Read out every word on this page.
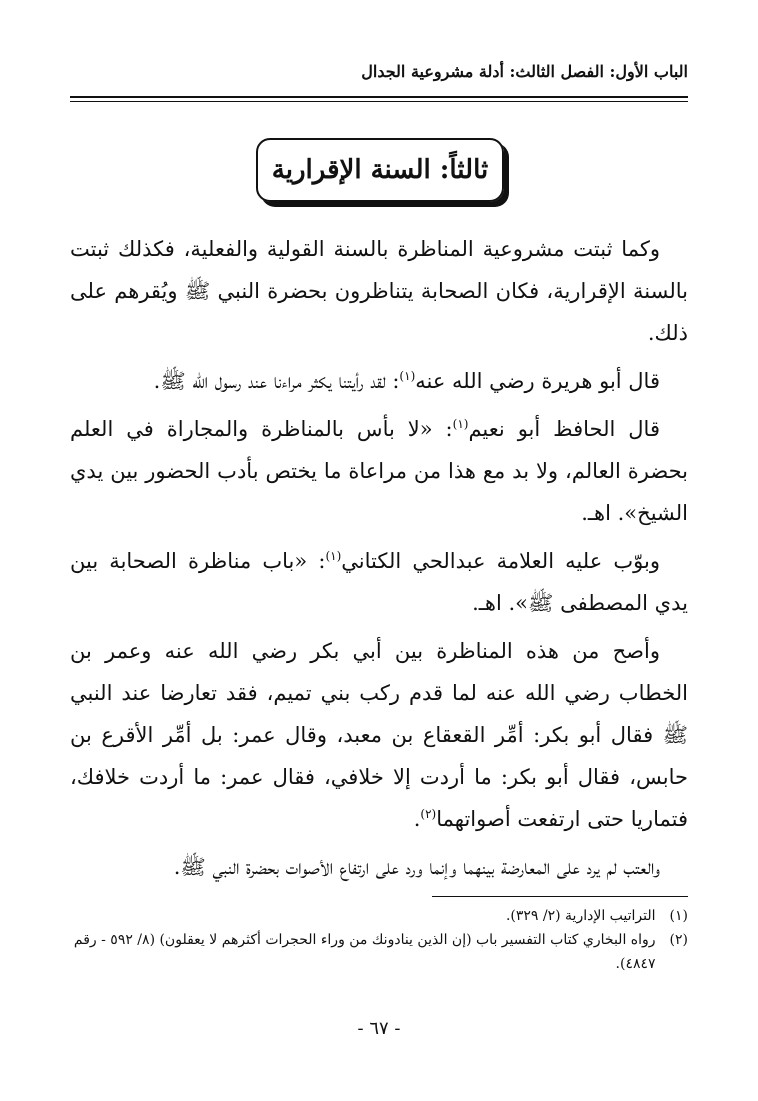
الباب الأول: الفصل الثالث: أدلة مشروعية الجدال
ثالثاً: السنة الإقرارية

وكما ثبتت مشروعية المناظرة بالسنة القولية والفعلية، فكذلك ثبتت بالسنة الإقرارية، فكان الصحابة يتناظرون بحضرة النبي ﷺ ويُقرهم على ذلك.

قال أبو هريرة رضي الله عنه$^{(١)}$: لقد رأيتنا يكثر مراءنا عند رسول الله ﷺ.

قال الحافظ أبو نعيم$^{(١)}$: «لا بأس بالمناظرة والمجاراة في العلم بحضرة العالم، ولا بد مع هذا من مراعاة ما يختص بأدب الحضور بين يدي الشيخ». اهـ.

وبوّب عليه العلامة عبدالحي الكتاني$^{(١)}$: «باب مناظرة الصحابة بين يدي المصطفى ﷺ». اهـ.

وأصح من هذه المناظرة بين أبي بكر رضي الله عنه وعمر بن الخطاب رضي الله عنه لما قدم ركب بني تميم، فقد تعارضا عند النبي ﷺ فقال أبو بكر: أمِّر القعقاع بن معبد، وقال عمر: بل أمِّر الأقرع بن حابس، فقال أبو بكر: ما أردت إلا خلافي، فقال عمر: ما أردت خلافك، فتماريا حتى ارتفعت أصواتهما$^{(٢)}$.

والعتب لم يرد على المعارضة بينهما وإنما ورد على ارتفاع الأصوات بحضرة النبي ﷺ.

(١)
التراتيب الإدارية (٢/ ٣٢٩).
(٢)
رواه البخاري كتاب التفسير باب (إن الذين ينادونك من وراء الحجرات أكثرهم لا يعقلون) (٨/ ٥٩٢ - رقم ٤٨٤٧).
- ٦٧ -
